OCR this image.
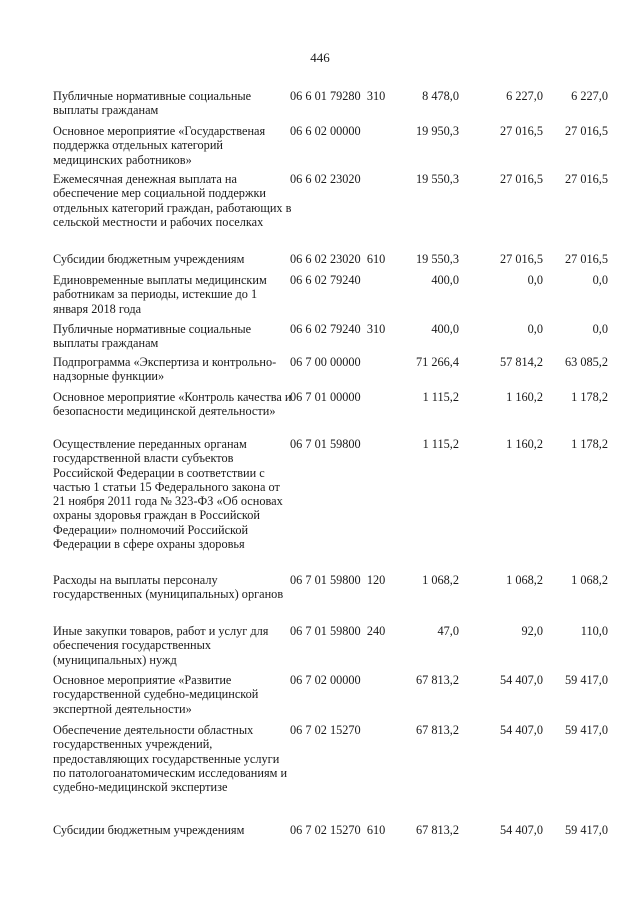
446
Публичные нормативные социальные выплаты гражданам
06 6 01 79280  310	8 478,0	6 227,0 6 227,0
Основное мероприятие «Государственая поддержка отдельных категорий медицинских работников»
06 6 02 00000	19 950,3	27 016,5 27 016,5
Ежемесячная денежная выплата на обеспечение мер социальной поддержки отдельных категорий граждан, работающих в сельской местности и рабочих поселках
06 6 02 23020	19 550,3	27 016,5 27 016,5
Субсидии бюджетным учреждениям	06 6 02 23020  610	19 550,3	27 016,5 27 016,5
Единовременные выплаты медицинским работникам за периоды, истекшие до 1 января 2018 года
06 6 02 79240	400,0	0,0	0,0
Публичные нормативные социальные выплаты гражданам
06 6 02 79240  310	400,0	0,0	0,0
Подпрограмма «Экспертиза и контрольно-надзорные функции»
06 7 00 00000	71 266,4	57 814,2 63 085,2
Основное мероприятие «Контроль качества и безопасности медицинской деятельности»
06 7 01 00000	1 115,2	1 160,2 1 178,2
Осуществление переданных органам государственной власти субъектов Российской Федерации в соответствии с частью 1 статьи 15 Федерального закона от 21 ноября 2011 года № 323-ФЗ «Об основах охраны здоровья граждан в Российской Федерации» полномочий Российской Федерации в сфере охраны здоровья
06 7 01 59800	1 115,2	1 160,2 1 178,2
Расходы на выплаты персоналу государственных (муниципальных) органов
06 7 01 59800  120	1 068,2	1 068,2 1 068,2
Иные закупки товаров, работ и услуг для обеспечения государственных (муниципальных) нужд
06 7 01 59800  240	47,0	92,0	110,0
Основное мероприятие «Развитие государственной судебно-медицинской экспертной деятельности»
06 7 02 00000	67 813,2	54 407,0 59 417,0
Обеспечение деятельности областных государственных учреждений, предоставляющих государственные услуги по патологоанатомическим исследованиям и судебно-медицинской экспертизе
06 7 02 15270	67 813,2	54 407,0 59 417,0
Субсидии бюджетным учреждениям	06 7 02 15270  610	67 813,2	54 407,0 59 417,0
